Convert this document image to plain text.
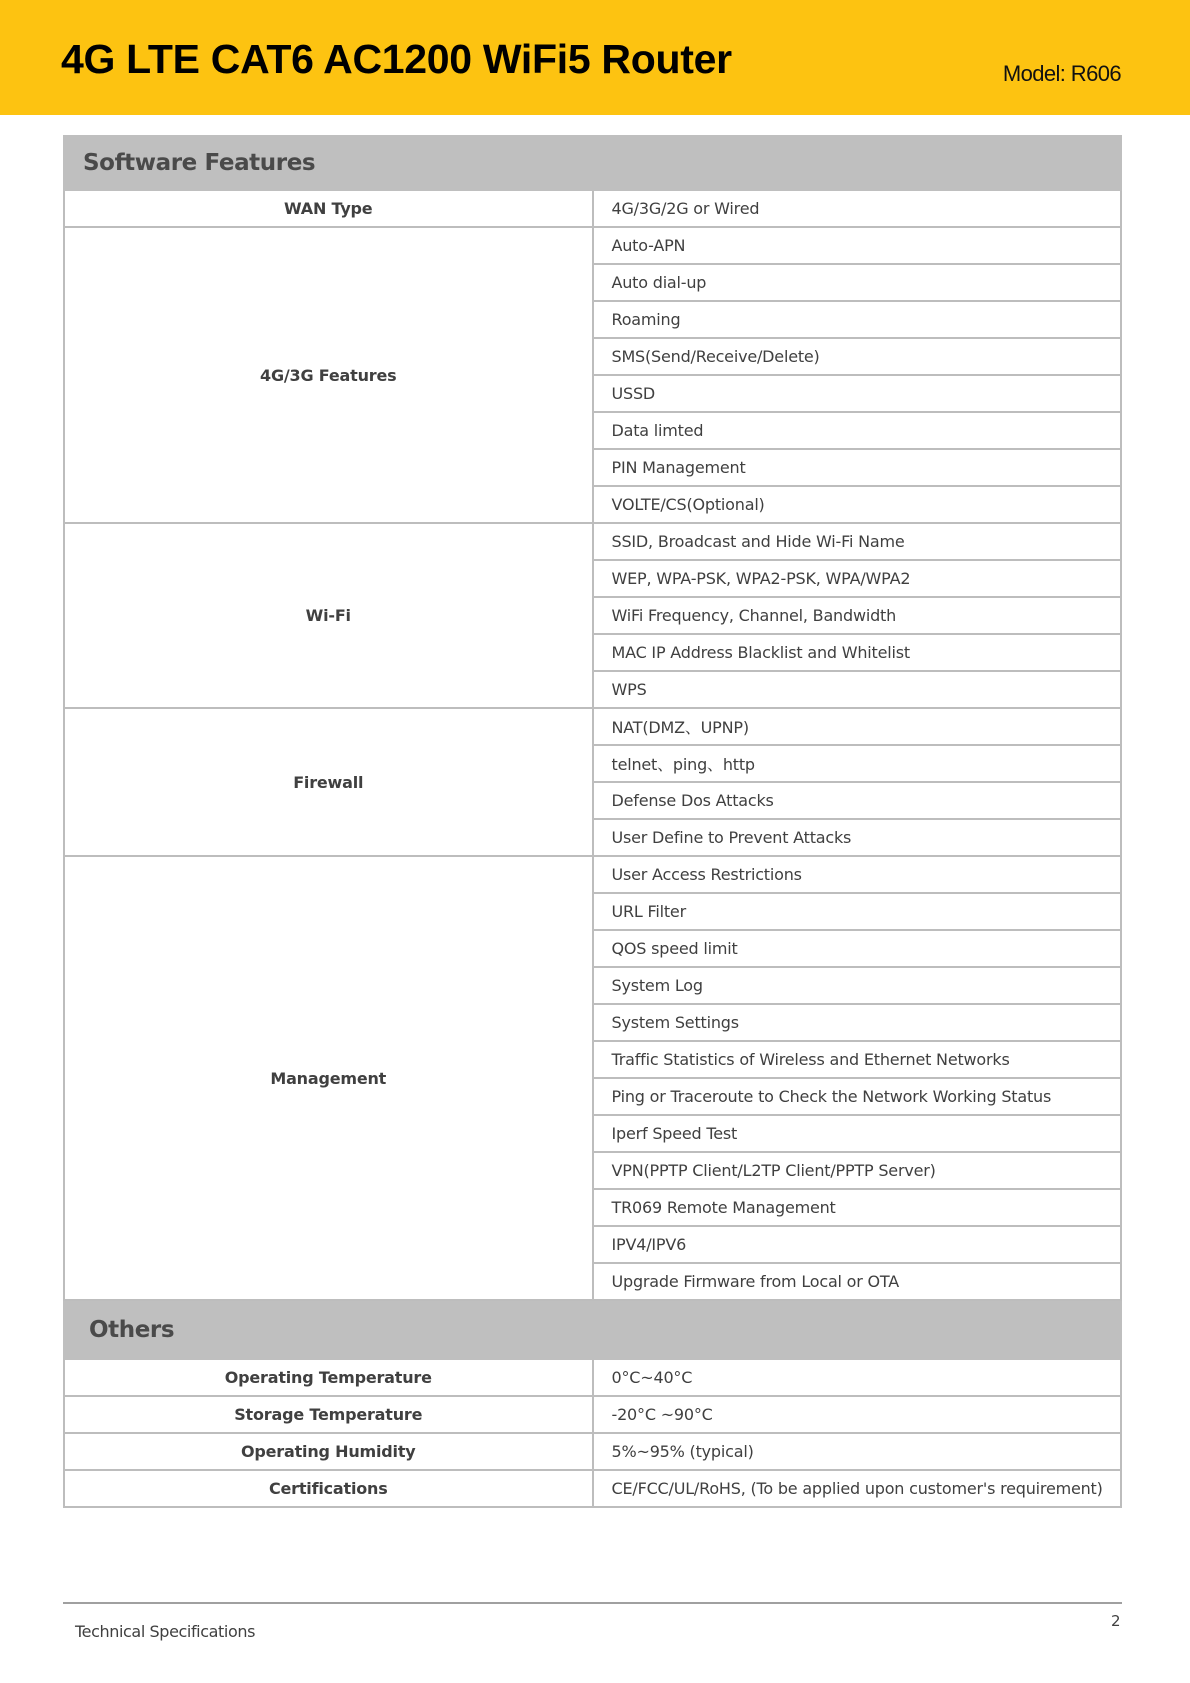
4G LTE CAT6 AC1200 WiFi5 Router	Model: R606
Software Features	
WAN Type	4G/3G/2G or Wired
4G/3G Features	Auto-APN
	Auto dial-up
	Roaming
	SMS(Send/Receive/Delete)
	USSD
	Data limted
	PIN Management
	VOLTE/CS(Optional)
Wi-Fi	SSID, Broadcast and Hide Wi-Fi Name
	WEP, WPA-PSK, WPA2-PSK, WPA/WPA2
	WiFi Frequency, Channel, Bandwidth
	MAC IP Address Blacklist and Whitelist
	WPS
Firewall	NAT(DMZ、UPNP)
	telnet、ping、http
	Defense Dos Attacks
	User Define to Prevent Attacks
Management	User Access Restrictions
	URL Filter
	QOS speed limit
	System Log
	System Settings
	Traffic Statistics of Wireless and Ethernet Networks
	Ping or Traceroute to Check the Network Working Status
	Iperf Speed Test
	VPN(PPTP Client/L2TP Client/PPTP Server)
	TR069 Remote Management
	IPV4/IPV6
	Upgrade Firmware from Local or OTA
Others	
Operating Temperature	0°C~40°C
Storage Temperature	-20°C ~90°C
Operating Humidity	5%~95% (typical)
Certifications	CE/FCC/UL/RoHS, (To be applied upon customer's requirement)
Technical Specifications
2
